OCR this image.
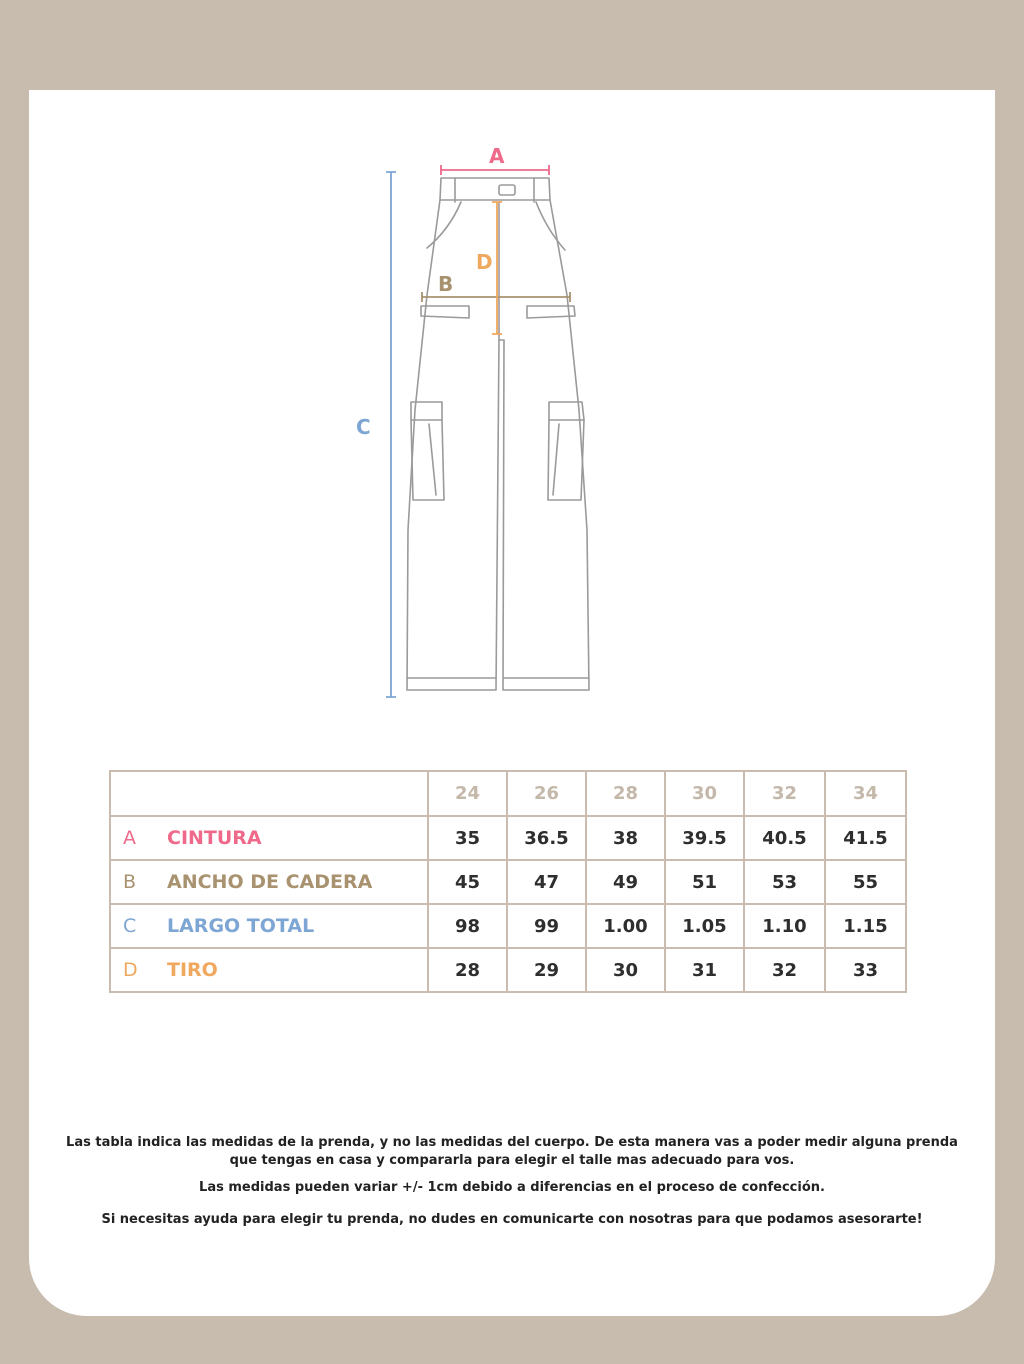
A
B
C
D
	24	26	28	30	32	34
A CINTURA	35	36.5	38	39.5	40.5	41.5
B ANCHO DE CADERA	45	47	49	51	53	55
C LARGO TOTAL	98	99	1.00	1.05	1.10	1.15
D TIRO	28	29	30	31	32	33

Las tabla indica las medidas de la prenda, y no las medidas del cuerpo. De esta manera vas a poder medir alguna prenda
que tengas en casa y compararla para elegir el talle mas adecuado para vos.

Las medidas pueden variar +/- 1cm debido a diferencias en el proceso de confección.

Si necesitas ayuda para elegir tu prenda, no dudes en comunicarte con nosotras para que podamos asesorarte!
